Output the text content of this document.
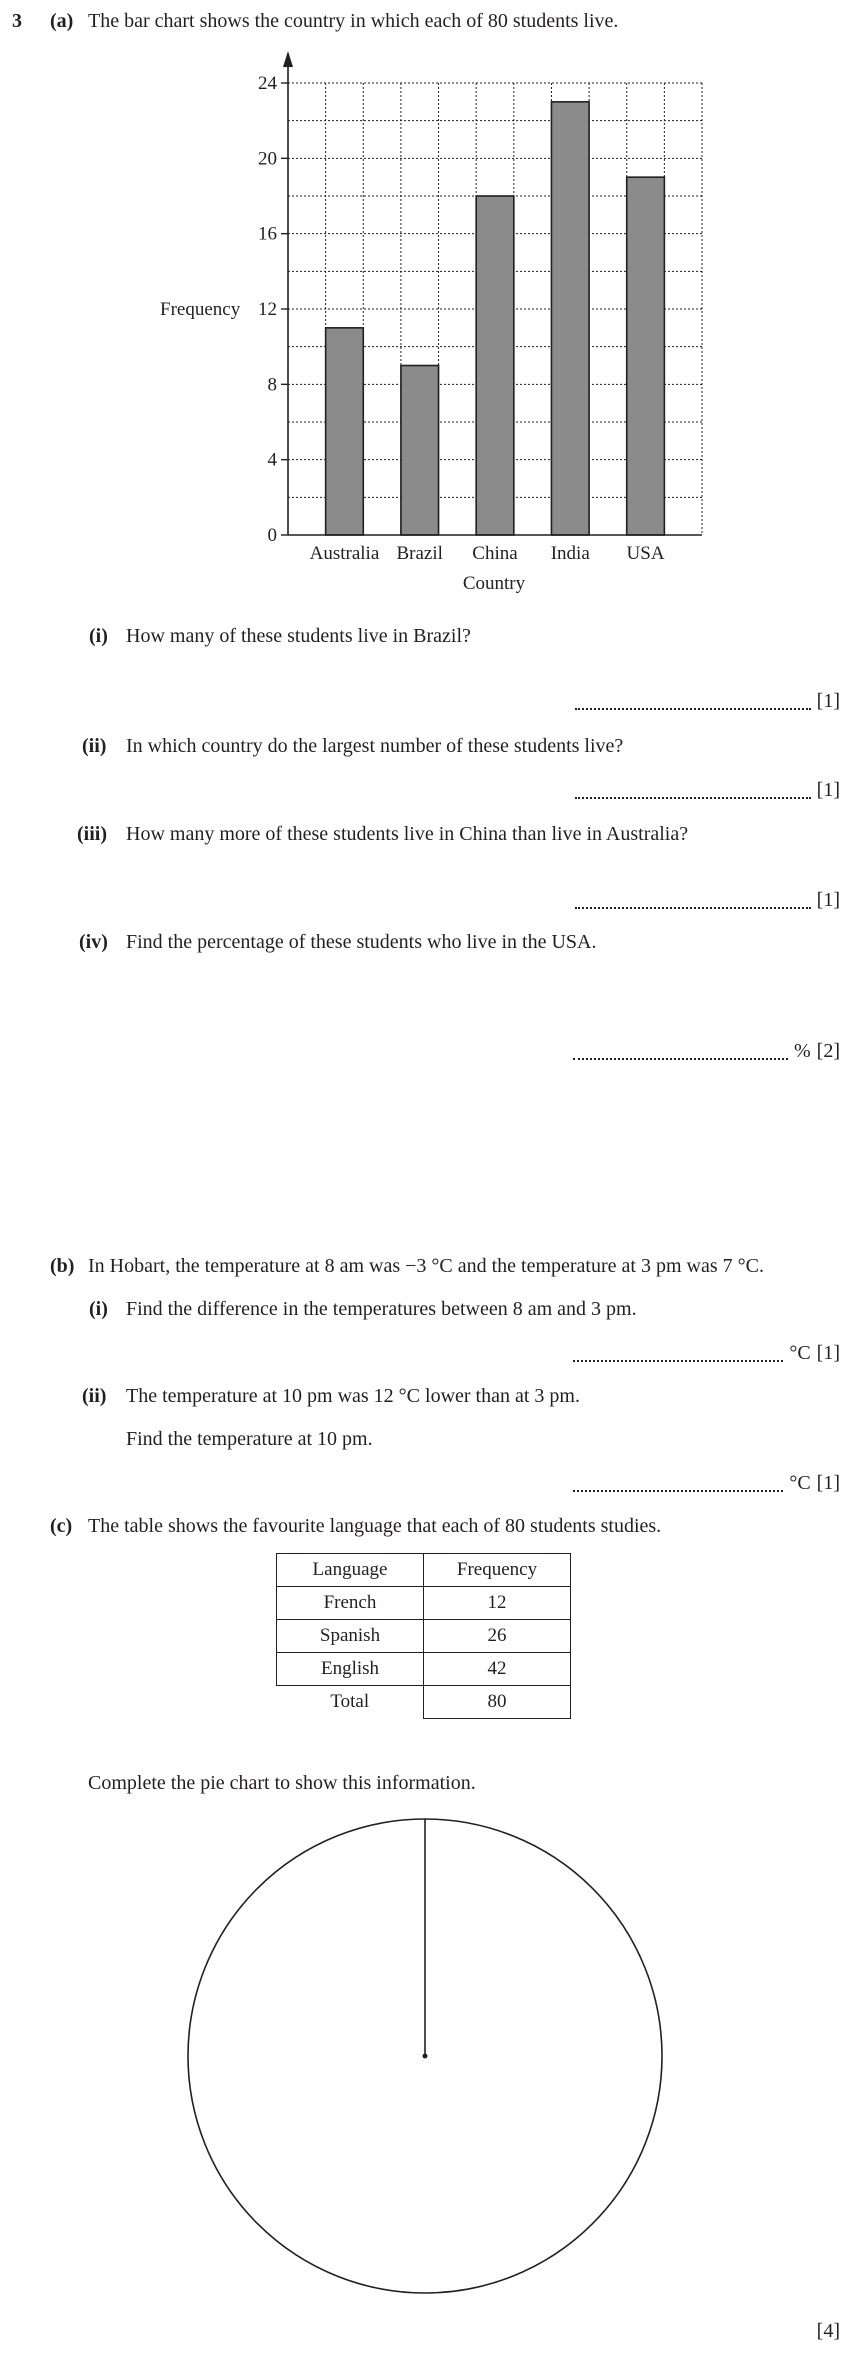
3 (a) The bar chart shows the country in which each of 80 students live.
0
4
8
12
16
20
24
Australia Brazil China India USA
Frequency
Country
(i) How many of these students live in Brazil?
[1]
(ii) In which country do the largest number of these students live?
[1]
(iii) How many more of these students live in China than live in Australia?
[1]
(iv) Find the percentage of these students who live in the USA.
% [2]
(b) In Hobart, the temperature at 8 am was −3 °C and the temperature at 3 pm was 7 °C.
(i) Find the difference in the temperatures between 8 am and 3 pm.
°C [1]
(ii) The temperature at 10 pm was 12 °C lower than at 3 pm.
Find the temperature at 10 pm.
°C [1]
(c) The table shows the favourite language that each of 80 students studies.
Language	Frequency
French	12
Spanish	26
English	42
Total	80
Complete the pie chart to show this information.
[4]
